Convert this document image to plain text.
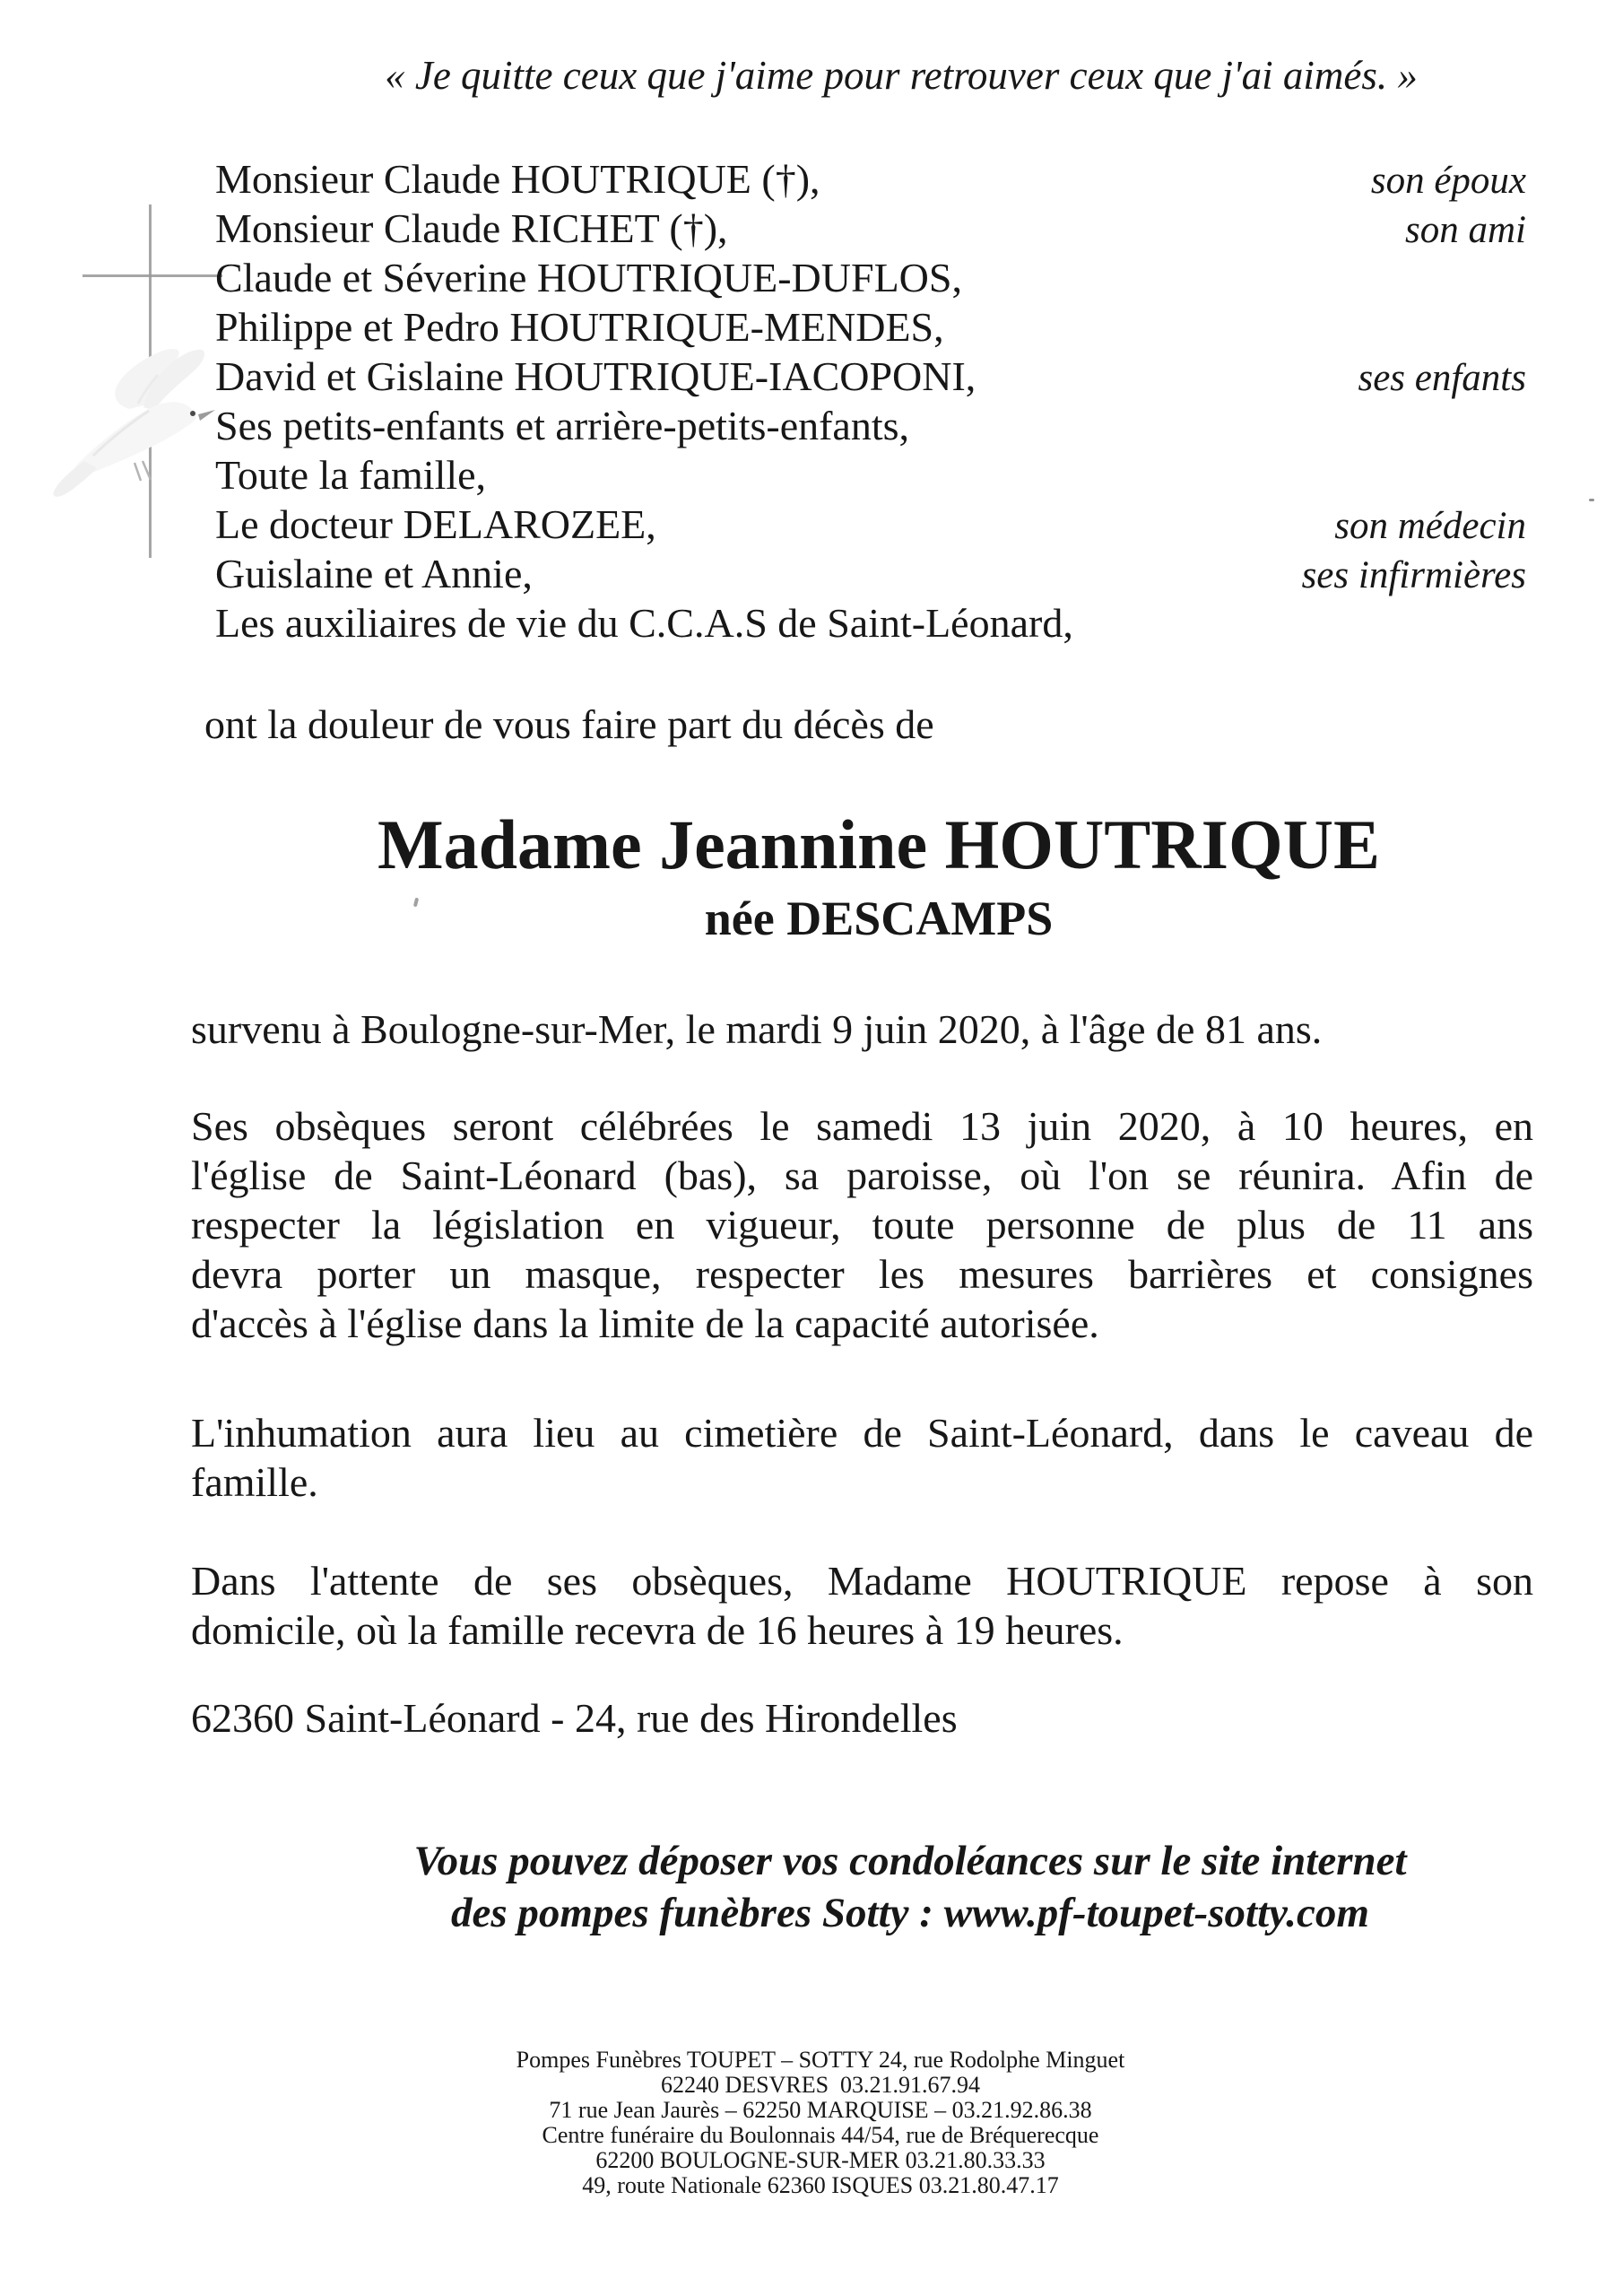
« Je quitte ceux que j'aime pour retrouver ceux que j'ai aimés. »
Monsieur Claude HOUTRIQUE (†),	son époux
Monsieur Claude RICHET (†),	son ami
Claude et Séverine HOUTRIQUE-DUFLOS,
Philippe et Pedro HOUTRIQUE-MENDES,
David et Gislaine HOUTRIQUE-IACOPONI,	ses enfants
Ses petits-enfants et arrière-petits-enfants,
Toute la famille,
Le docteur DELAROZEE,	son médecin
Guislaine et Annie,	ses infirmières
Les auxiliaires de vie du C.C.A.S de Saint-Léonard,
ont la douleur de vous faire part du décès de
Madame Jeannine HOUTRIQUE
née DESCAMPS
survenu à Boulogne-sur-Mer, le mardi 9 juin 2020, à l'âge de 81 ans.
Ses obsèques seront célébrées le samedi 13 juin 2020, à 10 heures, en
l'église de Saint-Léonard (bas), sa paroisse, où l'on se réunira. Afin de
respecter la législation en vigueur, toute personne de plus de 11 ans
devra porter un masque, respecter les mesures barrières et consignes
d'accès à l'église dans la limite de la capacité autorisée.
L'inhumation aura lieu au cimetière de Saint-Léonard, dans le caveau de
famille.
Dans l'attente de ses obsèques, Madame HOUTRIQUE repose à son
domicile, où la famille recevra de 16 heures à 19 heures.
62360 Saint-Léonard - 24, rue des Hirondelles
Vous pouvez déposer vos condoléances sur le site internet
des pompes funèbres Sotty : www.pf-toupet-sotty.com
Pompes Funèbres TOUPET – SOTTY 24, rue Rodolphe Minguet
62240 DESVRES  03.21.91.67.94
71 rue Jean Jaurès – 62250 MARQUISE – 03.21.92.86.38
Centre funéraire du Boulonnais 44/54, rue de Bréquerecque
62200 BOULOGNE-SUR-MER 03.21.80.33.33
49, route Nationale 62360 ISQUES 03.21.80.47.17
